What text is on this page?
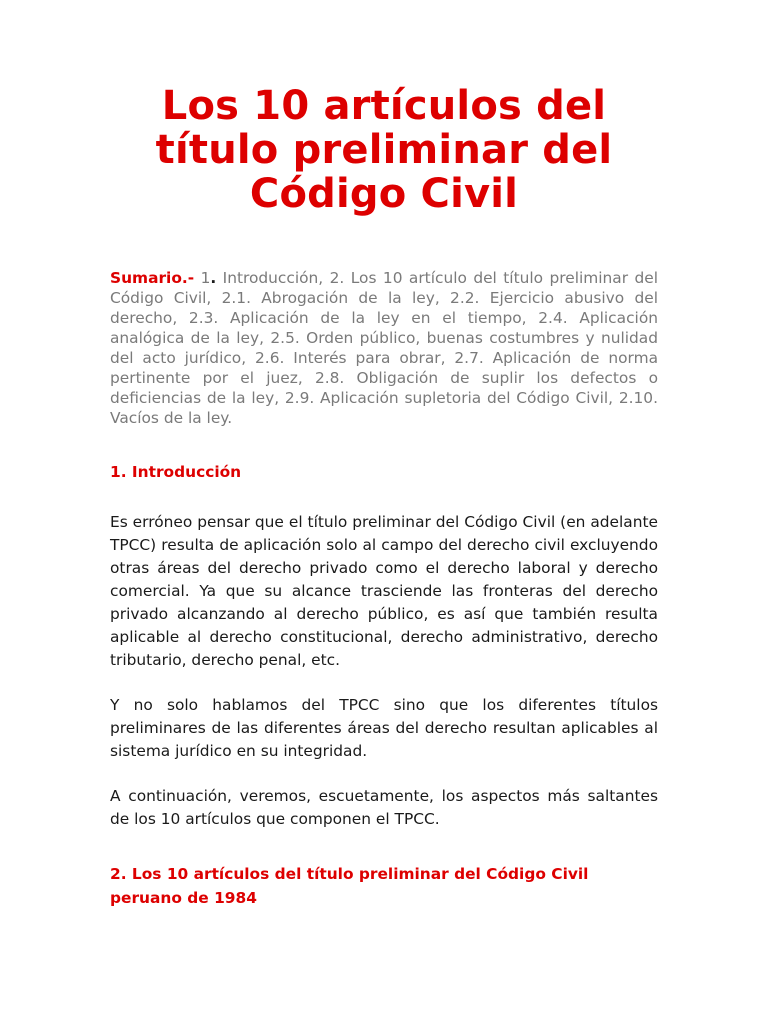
Los 10 artículos del
título preliminar del
Código Civil

Sumario.- 1. Introducción, 2. Los 10 artículo del título preliminar del Código Civil, 2.1. Abrogación de la ley, 2.2. Ejercicio abusivo del derecho, 2.3. Aplicación de la ley en el tiempo, 2.4. Aplicación analógica de la ley, 2.5. Orden público, buenas costumbres y nulidad del acto jurídico, 2.6. Interés para obrar, 2.7. Aplicación de norma pertinente por el juez, 2.8. Obligación de suplir los defectos o deficiencias de la ley, 2.9. Aplicación supletoria del Código Civil, 2.10. Vacíos de la ley.

1. Introducción

Es erróneo pensar que el título preliminar del Código Civil (en adelante TPCC) resulta de aplicación solo al campo del derecho civil excluyendo otras áreas del derecho privado como el derecho laboral y derecho comercial. Ya que su alcance trasciende las fronteras del derecho privado alcanzando al derecho público, es así que también resulta aplicable al derecho constitucional, derecho administrativo, derecho tributario, derecho penal, etc.

Y no solo hablamos del TPCC sino que los diferentes títulos preliminares de las diferentes áreas del derecho resultan aplicables al sistema jurídico en su integridad.

A continuación, veremos, escuetamente, los aspectos más saltantes de los 10 artículos que componen el TPCC.

2. Los 10 artículos del título preliminar del Código Civil peruano de 1984
